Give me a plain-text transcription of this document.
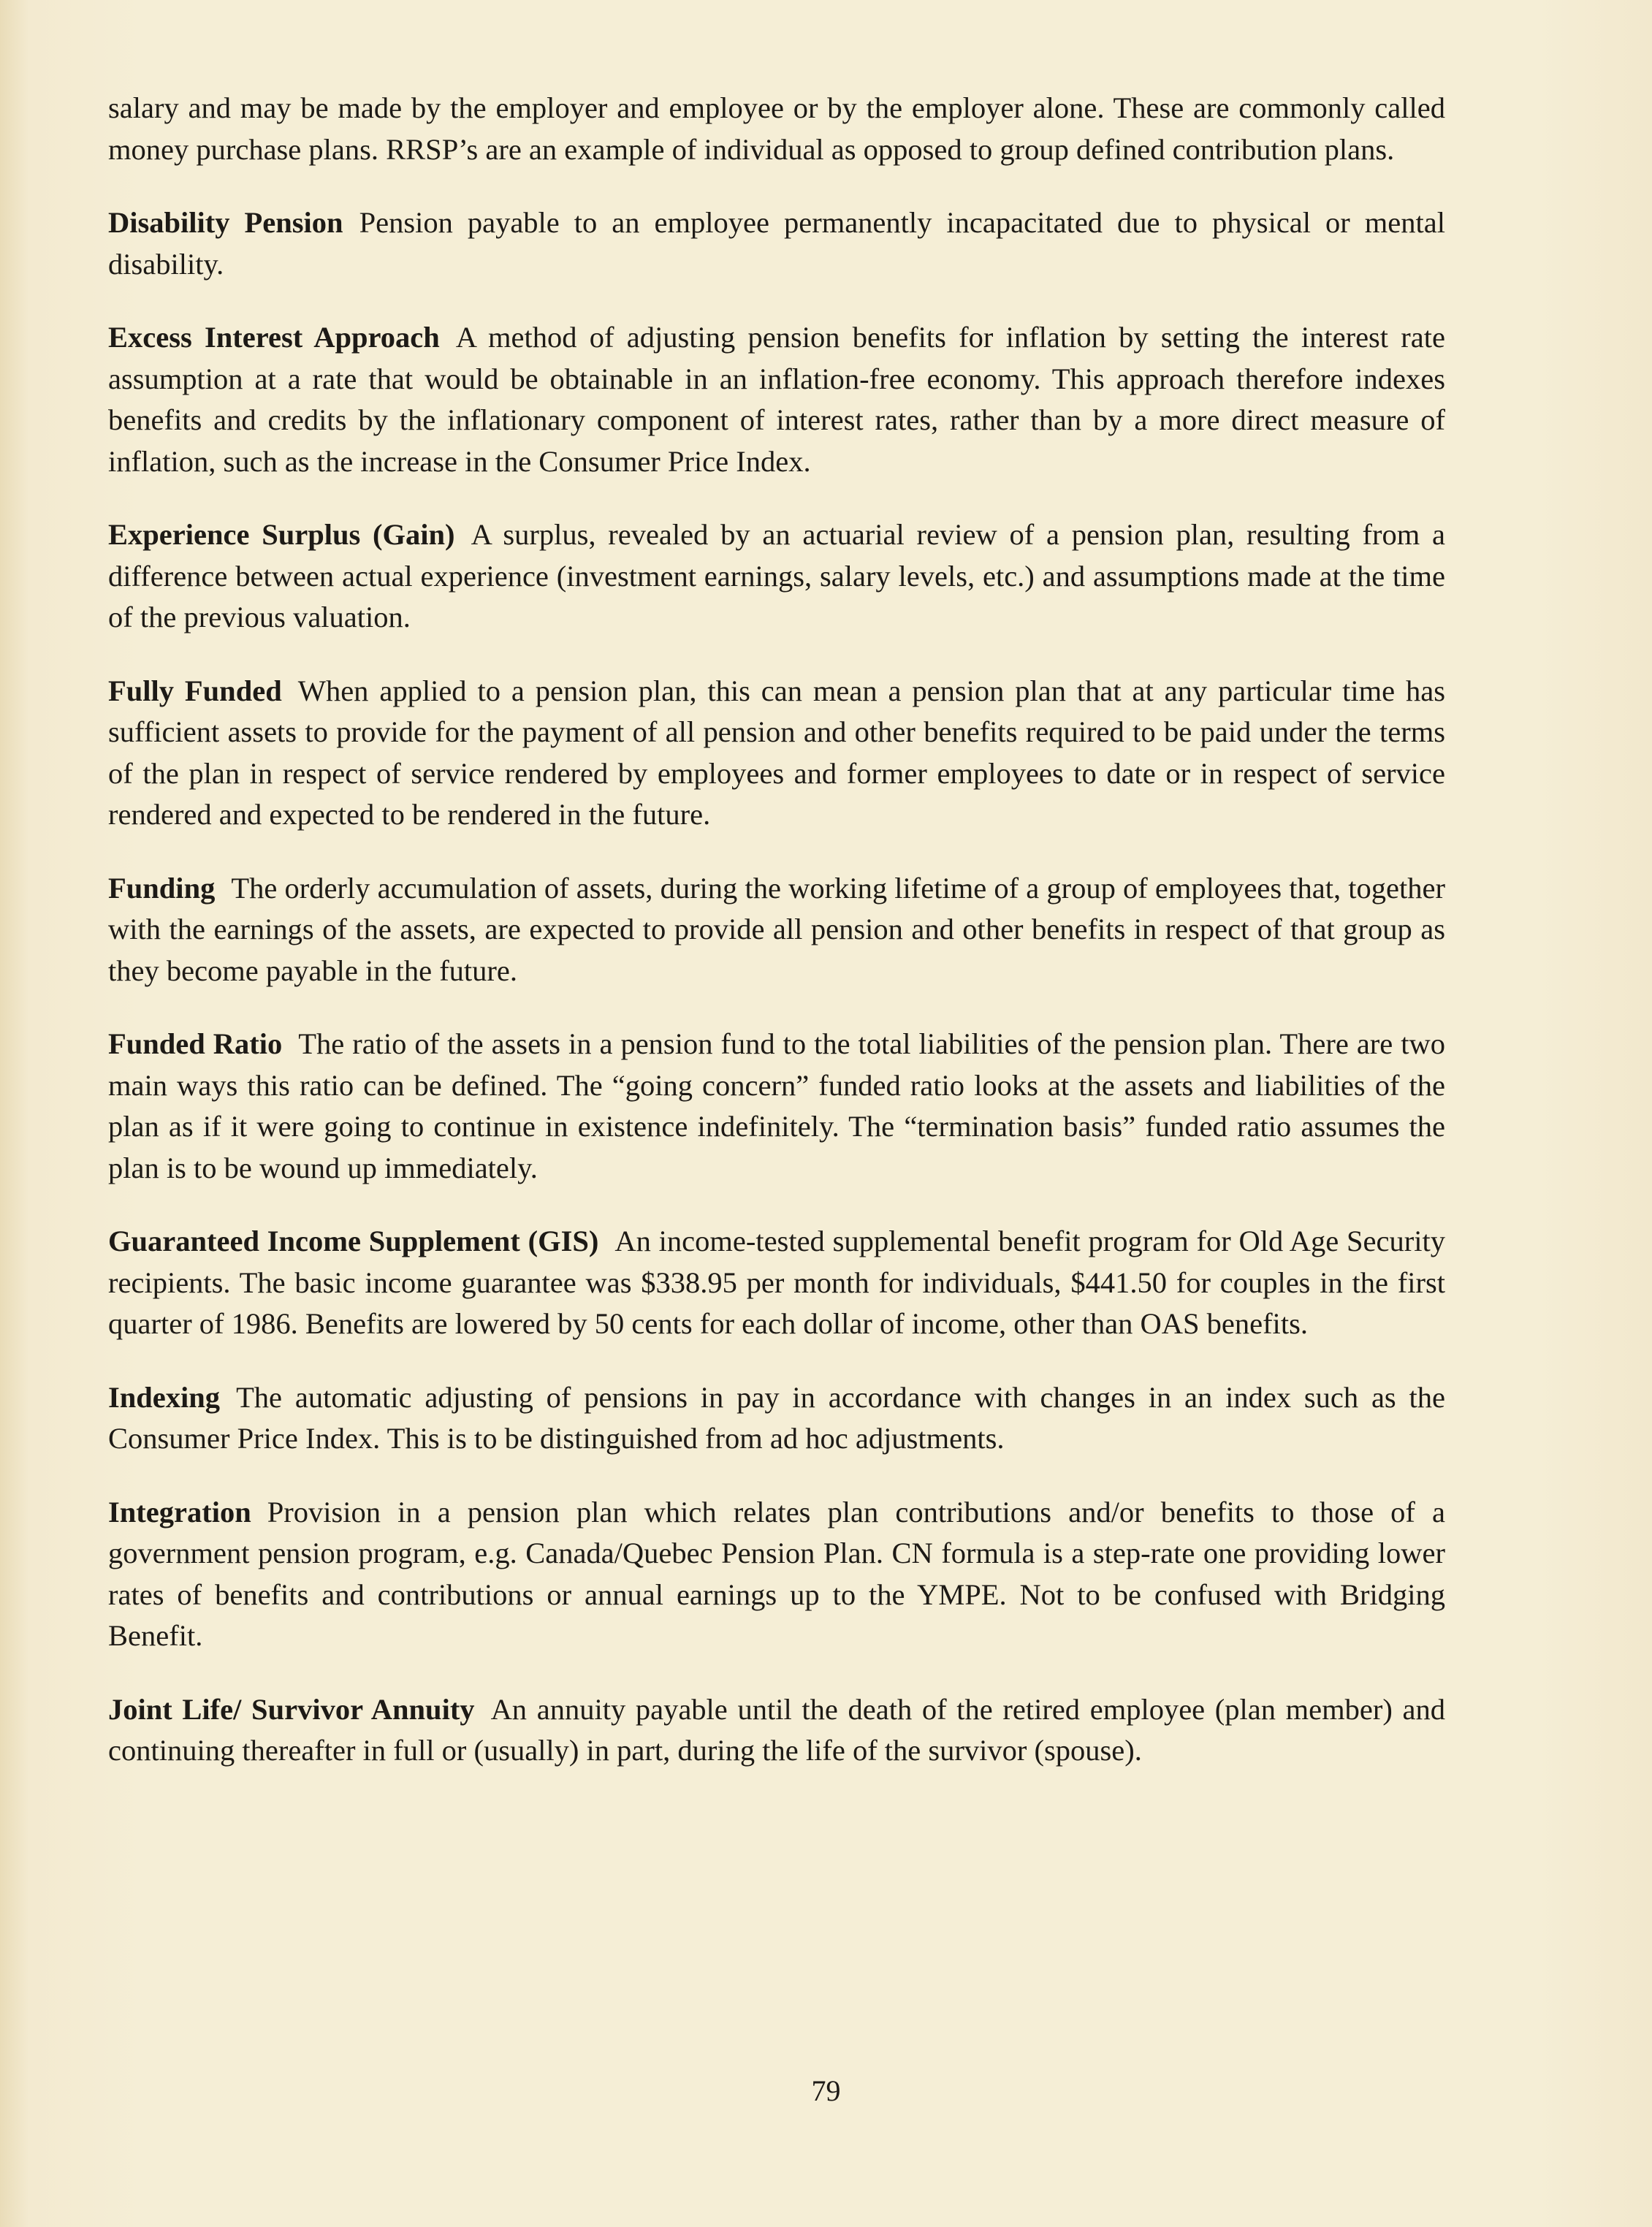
salary and may be made by the employer and employee or by the employer alone. These are commonly called money purchase plans. RRSP’s are an example of individual as opposed to group defined contribution plans.

Disability Pension Pension payable to an employee permanently incapacitated due to physical or mental disability.

Excess Interest Approach A method of adjusting pension benefits for inflation by setting the interest rate assumption at a rate that would be obtainable in an inflation-free economy. This approach therefore indexes benefits and credits by the inflationary component of interest rates, rather than by a more direct measure of inflation, such as the increase in the Consumer Price Index.

Experience Surplus (Gain) A surplus, revealed by an actuarial review of a pension plan, resulting from a difference between actual experience (investment earnings, salary levels, etc.) and assumptions made at the time of the previous valuation.

Fully Funded When applied to a pension plan, this can mean a pension plan that at any particular time has sufficient assets to provide for the payment of all pension and other benefits required to be paid under the terms of the plan in respect of service rendered by employees and former employees to date or in respect of service rendered and expected to be rendered in the future.

Funding The orderly accumulation of assets, during the working lifetime of a group of employees that, together with the earnings of the assets, are expected to provide all pension and other benefits in respect of that group as they become payable in the future.

Funded Ratio The ratio of the assets in a pension fund to the total liabilities of the pension plan. There are two main ways this ratio can be defined. The “going concern” funded ratio looks at the assets and liabilities of the plan as if it were going to continue in existence indefinitely. The “termination basis” funded ratio assumes the plan is to be wound up immediately.

Guaranteed Income Supplement (GIS) An income-tested supplemental benefit program for Old Age Security recipients. The basic income guarantee was $338.95 per month for individuals, $441.50 for couples in the first quarter of 1986. Benefits are lowered by 50 cents for each dollar of income, other than OAS benefits.

Indexing The automatic adjusting of pensions in pay in accordance with changes in an index such as the Consumer Price Index. This is to be distinguished from ad hoc adjustments.

Integration Provision in a pension plan which relates plan contributions and/or benefits to those of a government pension program, e.g. Canada/Quebec Pension Plan. CN formula is a step-rate one providing lower rates of benefits and contributions or annual earnings up to the YMPE. Not to be confused with Bridging Benefit.

Joint Life/ Survivor Annuity An annuity payable until the death of the retired employee (plan member) and continuing thereafter in full or (usually) in part, during the life of the survivor (spouse).

79
